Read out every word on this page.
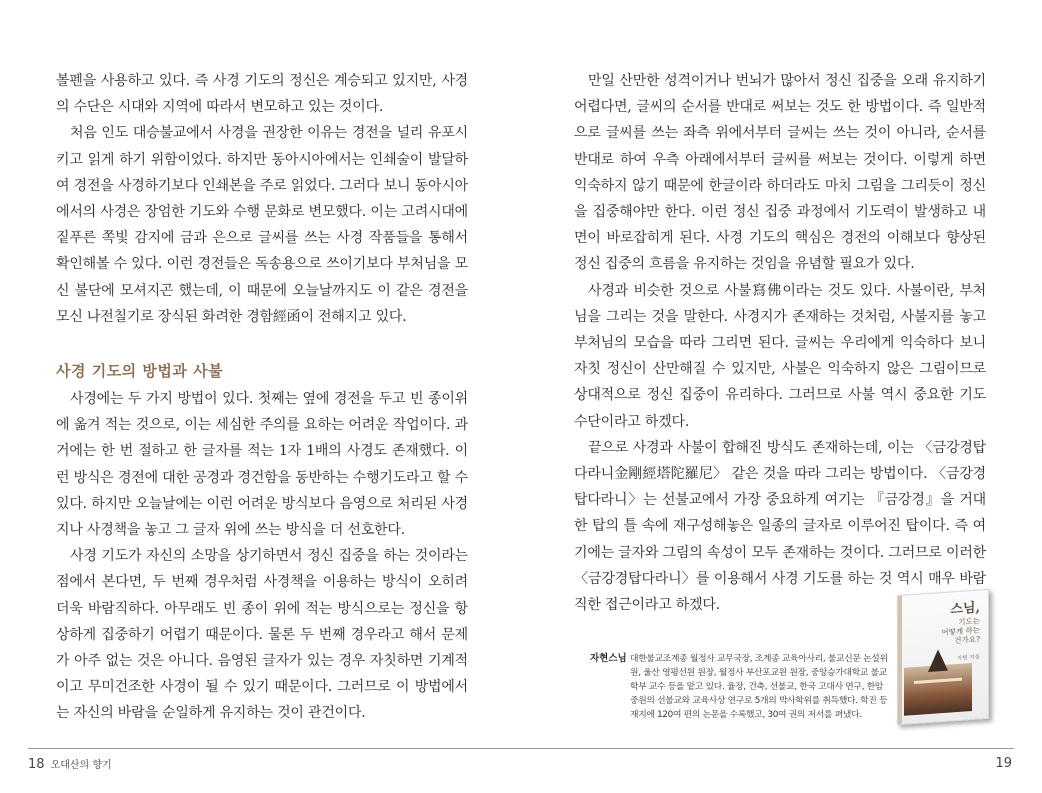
볼펜을 사용하고 있다. 즉 사경 기도의 정신은 계승되고 있지만, 사경의 수단은 시대와 지역에 따라서 변모하고 있는 것이다.

처음 인도 대승불교에서 사경을 권장한 이유는 경전을 널리 유포시키고 읽게 하기 위함이었다. 하지만 동아시아에서는 인쇄술이 발달하여 경전을 사경하기보다 인쇄본을 주로 읽었다. 그러다 보니 동아시아에서의 사경은 장엄한 기도와 수행 문화로 변모했다. 이는 고려시대에 짙푸른 쪽빛 감지에 금과 은으로 글씨를 쓰는 사경 작품들을 통해서 확인해볼 수 있다. 이런 경전들은 독송용으로 쓰이기보다 부처님을 모신 불단에 모셔지곤 했는데, 이 때문에 오늘날까지도 이 같은 경전을 모신 나전칠기로 장식된 화려한 경함經函이 전해지고 있다.

사경 기도의 방법과 사불

사경에는 두 가지 방법이 있다. 첫째는 옆에 경전을 두고 빈 종이위에 옮겨 적는 것으로, 이는 세심한 주의를 요하는 어려운 작업이다. 과거에는 한 번 절하고 한 글자를 적는 1자 1배의 사경도 존재했다. 이런 방식은 경전에 대한 공경과 경건함을 동반하는 수행기도라고 할 수 있다. 하지만 오늘날에는 이런 어려운 방식보다 음영으로 처리된 사경지나 사경책을 놓고 그 글자 위에 쓰는 방식을 더 선호한다.

사경 기도가 자신의 소망을 상기하면서 정신 집중을 하는 것이라는 점에서 본다면, 두 번째 경우처럼 사경책을 이용하는 방식이 오히려 더욱 바람직하다. 아무래도 빈 종이 위에 적는 방식으로는 정신을 항상하게 집중하기 어렵기 때문이다. 물론 두 번째 경우라고 해서 문제가 아주 없는 것은 아니다. 음영된 글자가 있는 경우 자칫하면 기계적이고 무미건조한 사경이 될 수 있기 때문이다. 그러므로 이 방법에서는 자신의 바람을 순일하게 유지하는 것이 관건이다.

만일 산만한 성격이거나 번뇌가 많아서 정신 집중을 오래 유지하기 어렵다면, 글씨의 순서를 반대로 써보는 것도 한 방법이다. 즉 일반적으로 글씨를 쓰는 좌측 위에서부터 글씨는 쓰는 것이 아니라, 순서를 반대로 하여 우측 아래에서부터 글씨를 써보는 것이다. 이렇게 하면 익숙하지 않기 때문에 한글이라 하더라도 마치 그림을 그리듯이 정신을 집중해야만 한다. 이런 정신 집중 과정에서 기도력이 발생하고 내면이 바로잡히게 된다. 사경 기도의 핵심은 경전의 이해보다 향상된 정신 집중의 흐름을 유지하는 것임을 유념할 필요가 있다.

사경과 비슷한 것으로 사불寫佛이라는 것도 있다. 사불이란, 부처님을 그리는 것을 말한다. 사경지가 존재하는 것처럼, 사불지를 놓고 부처님의 모습을 따라 그리면 된다. 글씨는 우리에게 익숙하다 보니 자칫 정신이 산만해질 수 있지만, 사불은 익숙하지 않은 그림이므로 상대적으로 정신 집중이 유리하다. 그러므로 사불 역시 중요한 기도 수단이라고 하겠다.

끝으로 사경과 사불이 합해진 방식도 존재하는데, 이는 〈금강경탑다라니金剛經塔陀羅尼〉 같은 것을 따라 그리는 방법이다. 〈금강경탑다라니〉는 선불교에서 가장 중요하게 여기는 『금강경』을 거대한 탑의 틀 속에 재구성해놓은 일종의 글자로 이루어진 탑이다. 즉 여기에는 글자와 그림의 속성이 모두 존재하는 것이다. 그러므로 이러한 〈금강경탑다라니〉를 이용해서 사경 기도를 하는 것 역시 매우 바람직한 접근이라고 하겠다.

자현스님 대한불교조계종 월정사 교무국장, 조계종 교육아사리, 불교신문 논설위원, 울산 영평선원 원장, 월정사 부산포교원 원장, 중앙승가대학교 불교학부 교수 등을 맡고 있다. 율장, 건축, 선불교, 한국 고대사 연구, 한암 중원의 선불교와 교육사상 연구로 5개의 박사학위를 취득했다. 학진 등재지에 120여 편의 논문을 수록했고, 30여 권의 저서를 펴냈다.
스님,
기도는
어떻게 하는
건가요?
자현 지음
18 오대산의 향기	19
